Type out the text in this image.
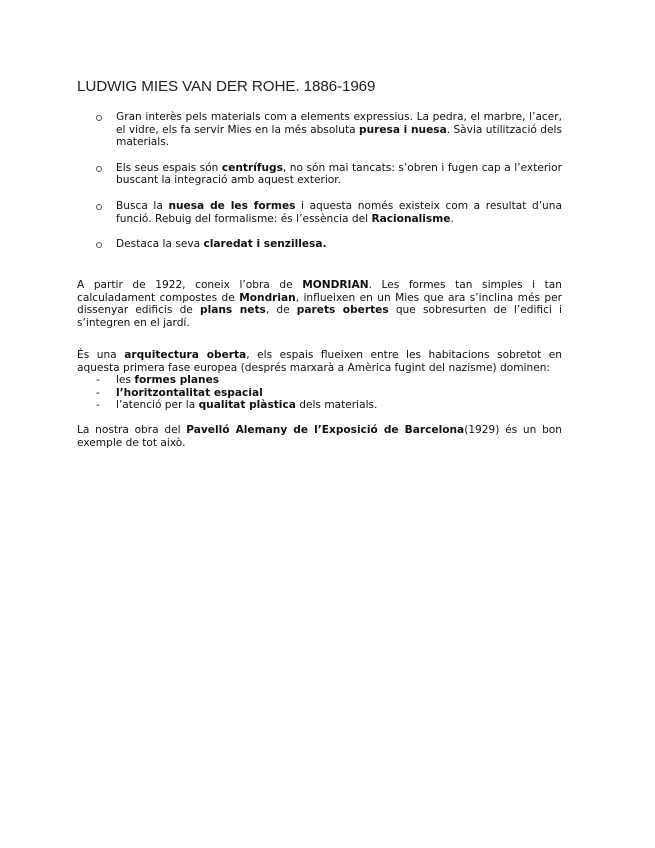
LUDWIG MIES VAN DER ROHE. 1886-1969

Gran interès pels materials com a elements expressius. La pedra, el marbre, l’acer, el vidre, els fa servir Mies en la més absoluta puresa i nuesa. Sàvia utilització dels materials.

Els seus espais són centrífugs, no són mai tancats: s’obren i fugen cap a l’exterior buscant la integració amb aquest exterior.

Busca la nuesa de les formes i aquesta només existeix com a resultat d’una funció. Rebuig del formalisme: és l’essència del Racionalisme.

Destaca la seva claredat i senzillesa.

A partir de 1922, coneix l’obra de MONDRIAN. Les formes tan simples i tan calculadament compostes de Mondrian, influeixen en un Mies que ara s’inclina més per dissenyar edificis de plans nets, de parets obertes que sobresurten de l’edifici i s’integren en el jardí.

És una arquitectura oberta, els espais flueixen entre les habitacions sobretot en aquesta primera fase europea (després marxarà a Amèrica fugint del nazisme) dominen:

- les formes planes
- l’horitzontalitat espacial
- l’atenció per la qualitat plàstica dels materials.

La nostra obra del Pavelló Alemany de l’Exposició de Barcelona(1929) és un bon exemple de tot això.
